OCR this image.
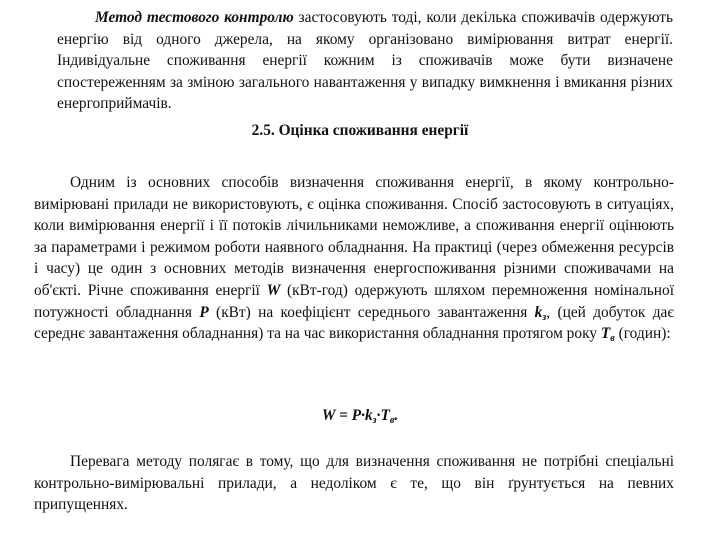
Метод тестового контролю застосовують тоді, коли декілька споживачів одержують енергію від одного джерела, на якому організовано вимірювання витрат енергії. Індивідуальне споживання енергії кожним із споживачів може бути визначене спостереженням за зміною загального навантаження у випадку вимкнення і вмикання різних енергоприймачів.

2.5. Оцінка споживання енергії

Одним із основних способів визначення споживання енергії, в якому контрольно-вимірювані прилади не використовують, є оцінка споживання. Спосіб застосовують в ситуаціях, коли вимірювання енергії і її потоків лічильниками неможливе, а споживання енергії оцінюють за параметрами і режимом роботи наявного обладнання. На практиці (через обмеження ресурсів і часу) це один з основних методів визначення енергоспоживання різними споживачами на об'єкті. Річне споживання енергії W (кВт-год) одержують шляхом перемноження номінальної потужності обладнання P (кВт) на коефіцієнт середнього завантаження $k_з$, (цей добуток дає середнє завантаження обладнання) та на час використання обладнання протягом року $T_в$ (годин):

$W = P\cdot k_з\cdot T_в$.

Перевага методу полягає в тому, що для визначення споживання не потрібні спеціальні контрольно-вимірювальні прилади, а недоліком є те, що він ґрунтується на певних припущеннях.
